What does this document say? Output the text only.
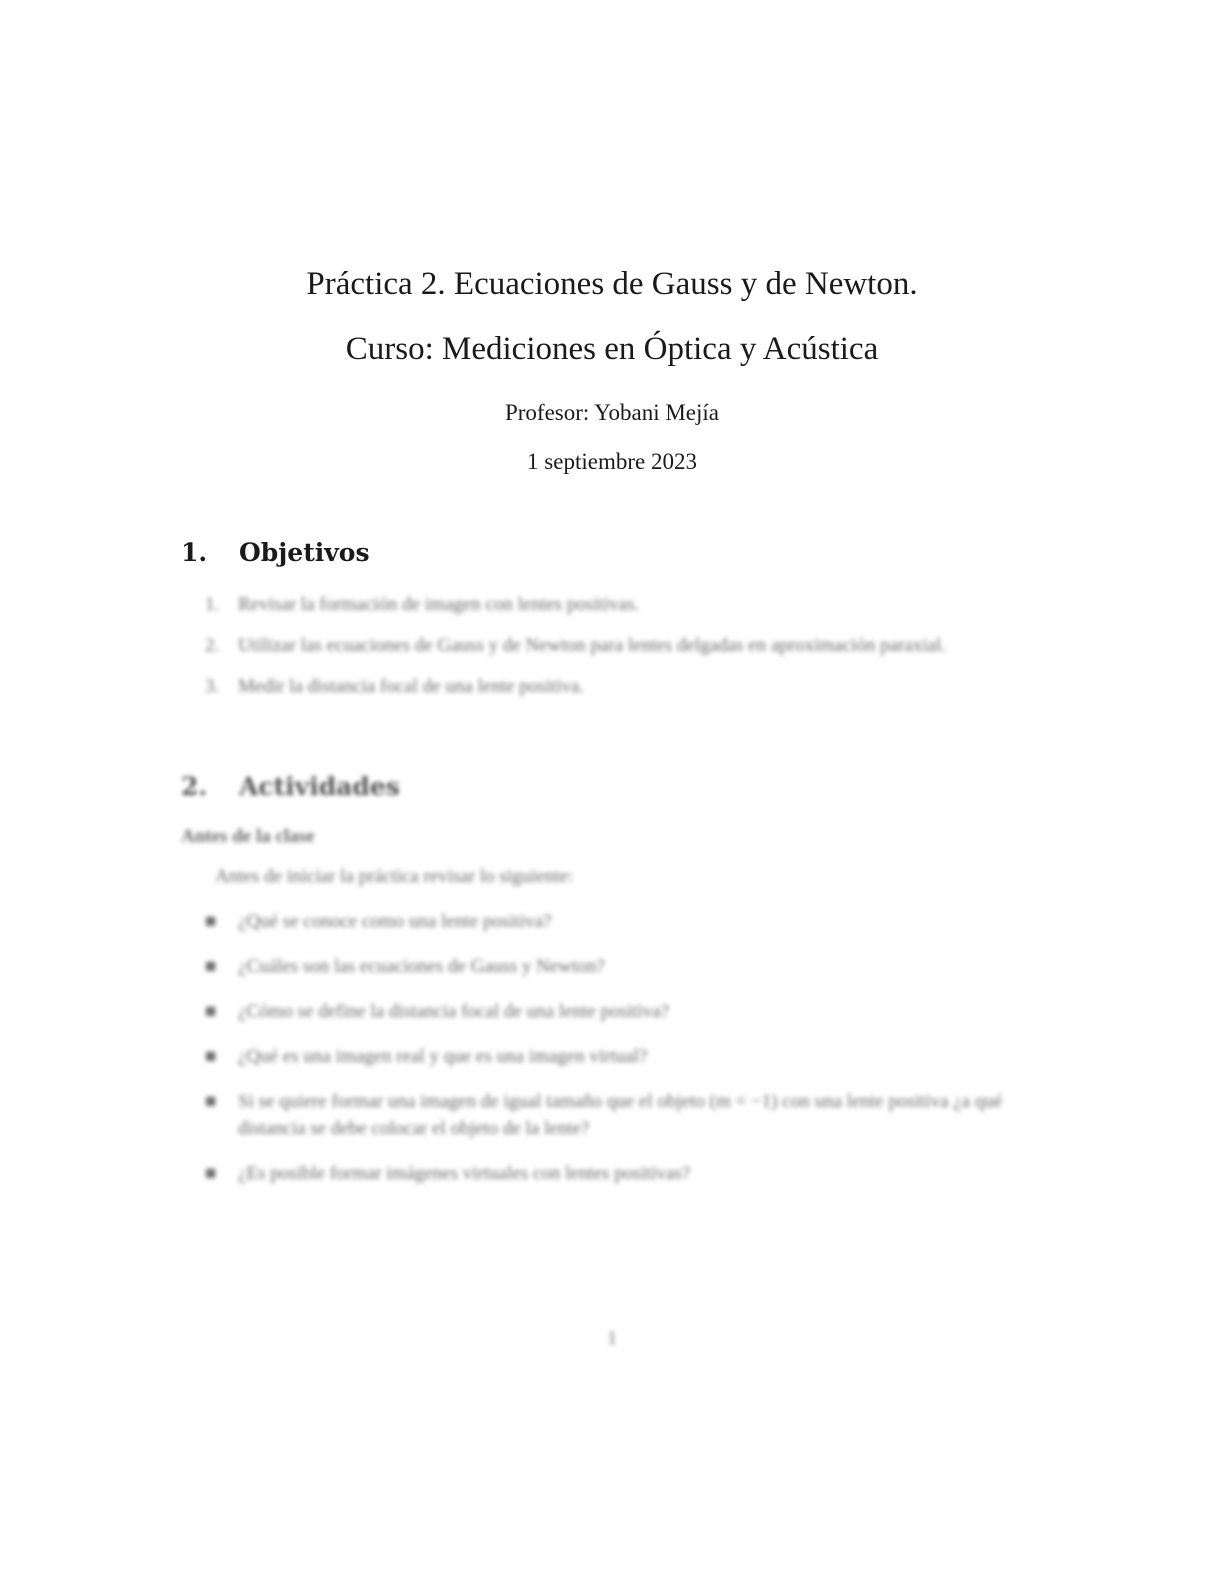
Práctica 2. Ecuaciones de Gauss y de Newton.
Curso: Mediciones en Óptica y Acústica
Profesor: Yobani Mejía
1 septiembre 2023
1. Objetivos
1. Revisar la formación de imagen con lentes positivas.
2. Utilizar las ecuaciones de Gauss y de Newton para lentes delgadas en aproximación paraxial.
3. Medir la distancia focal de una lente positiva.
2. Actividades
Antes de la clase

Antes de iniciar la práctica revisar lo siguiente:

■ ¿Qué se conoce como una lente positiva?
■ ¿Cuáles son las ecuaciones de Gauss y Newton?
■ ¿Cómo se define la distancia focal de una lente positiva?
■ ¿Qué es una imagen real y que es una imagen virtual?
■ Si se quiere formar una imagen de igual tamaño que el objeto (m = −1) con una lente positiva ¿a qué distancia se debe colocar el objeto de la lente?
■ ¿Es posible formar imágenes virtuales con lentes positivas?
1
